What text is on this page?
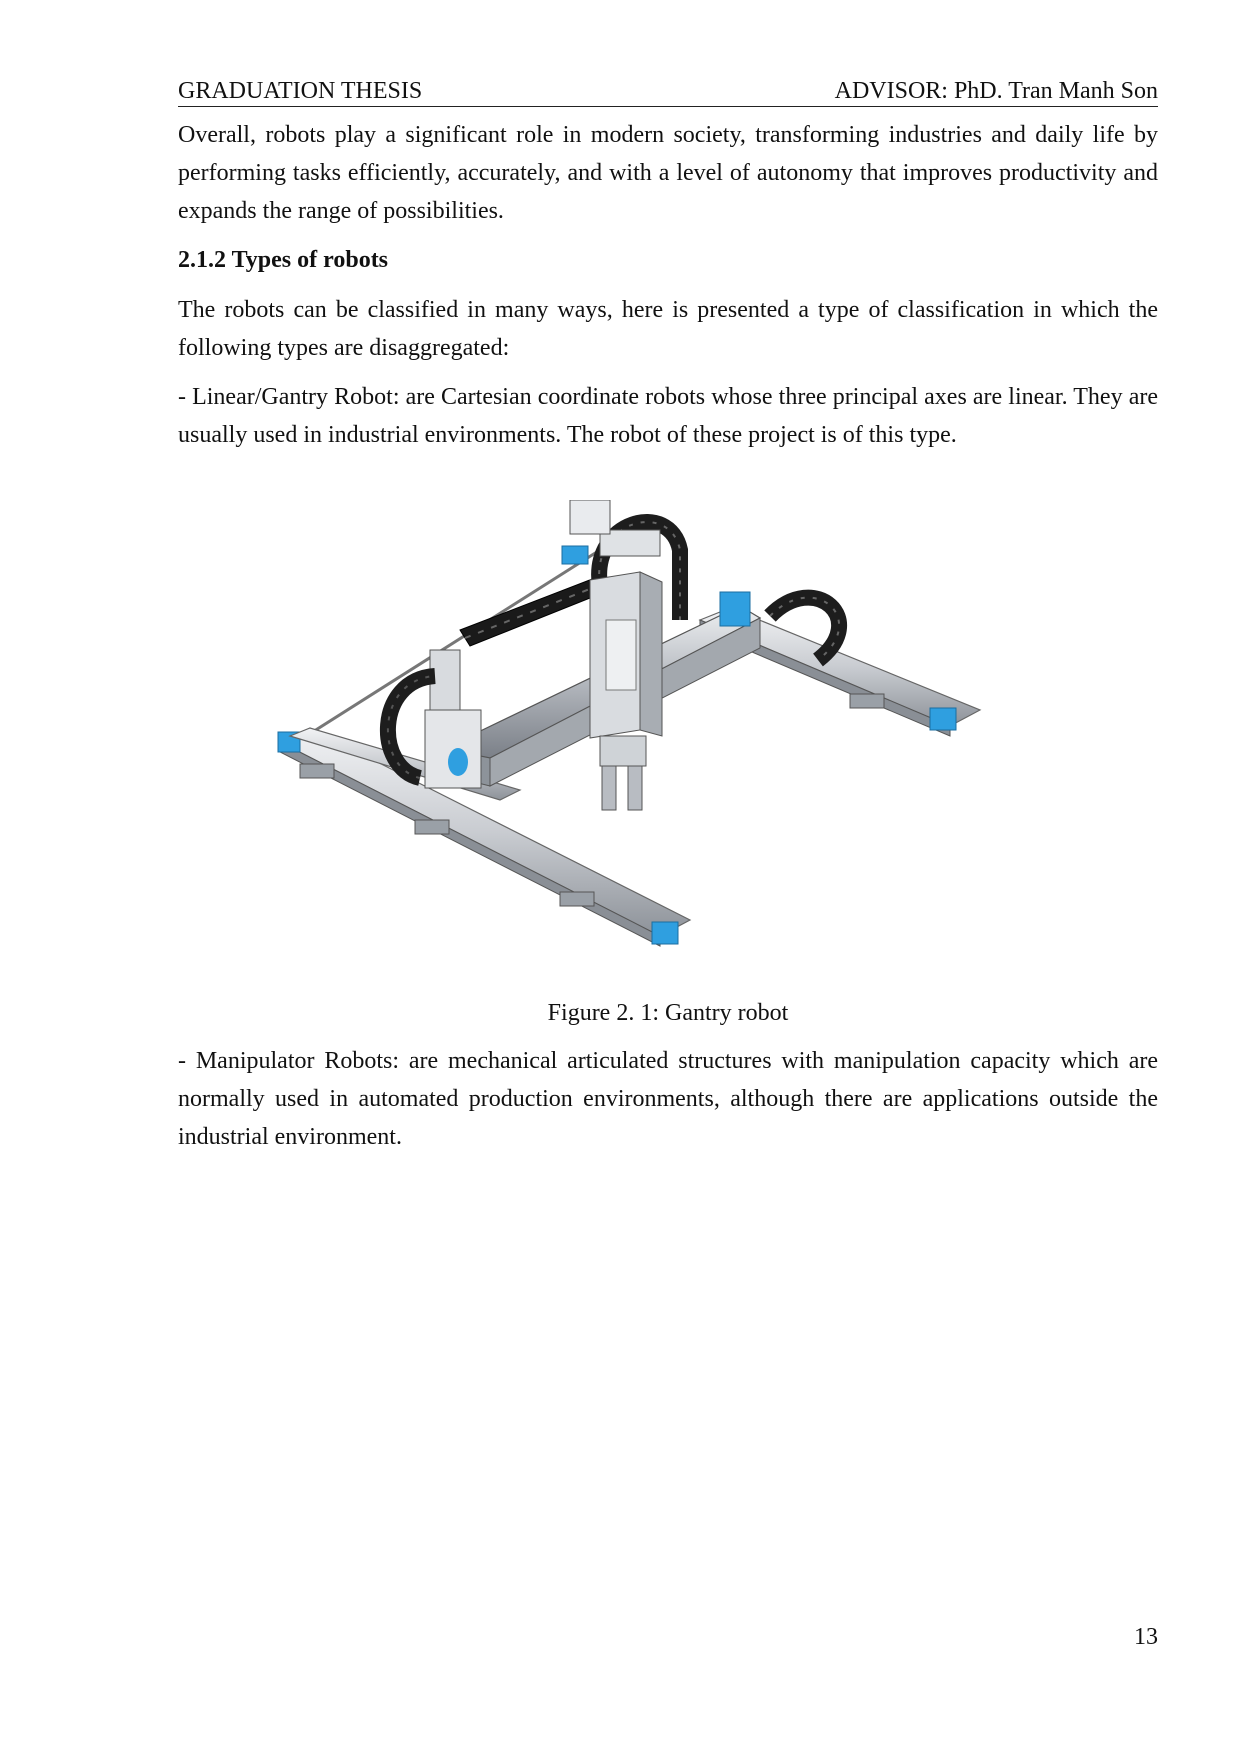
GRADUATION THESIS	ADVISOR: PhD. Tran Manh Son

Overall, robots play a significant role in modern society, transforming industries and daily life by performing tasks efficiently, accurately, and with a level of autonomy that improves productivity and expands the range of possibilities.

2.1.2 Types of robots

The robots can be classified in many ways, here is presented a type of classification in which the following types are disaggregated:

- Linear/Gantry Robot: are Cartesian coordinate robots whose three principal axes are linear. They are usually used in industrial environments. The robot of these project is of this type.

Figure 2. 1: Gantry robot

- Manipulator Robots: are mechanical articulated structures with manipulation capacity which are normally used in automated production environments, although there are applications outside the industrial environment.

13
